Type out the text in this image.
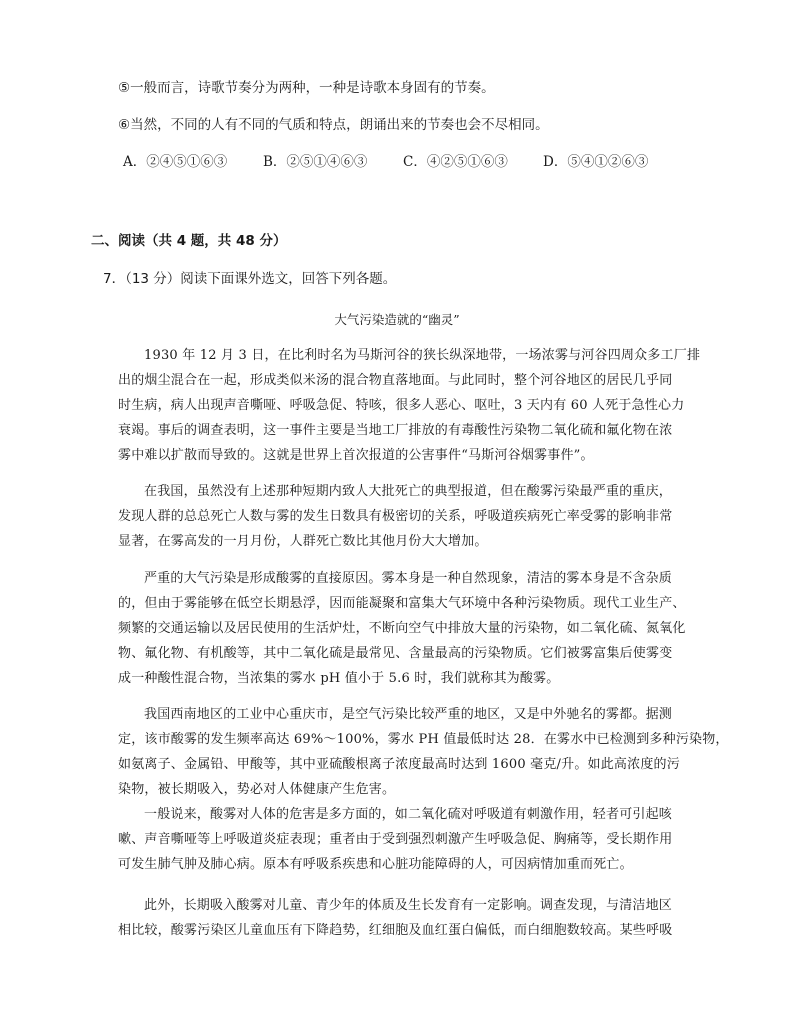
⑤一般而言，诗歌节奏分为两种，一种是诗歌本身固有的节奏。
⑥当然，不同的人有不同的气质和特点，朗诵出来的节奏也会不尽相同。
A．②④⑤①⑥③	B．②⑤①④⑥③	C．④②⑤①⑥③	D．⑤④①②⑥③
二、阅读（共 4 题，共 48 分）
7．（13 分）阅读下面课外选文，回答下列各题。
大气污染造就的“幽灵”
1930 年 12 月 3 日，在比利时名为马斯河谷的狭长纵深地带，一场浓雾与河谷四周众多工厂排
出的烟尘混合在一起，形成类似米汤的混合物直落地面。与此同时，整个河谷地区的居民几乎同
时生病，病人出现声音嘶哑、呼吸急促、特咳，很多人恶心、呕吐，3 天内有 60 人死于急性心力
衰竭。事后的调查表明，这一事件主要是当地工厂排放的有毒酸性污染物二氧化硫和氟化物在浓
雾中难以扩散而导致的。这就是世界上首次报道的公害事件“马斯河谷烟雾事件”。
在我国，虽然没有上述那种短期内致人大批死亡的典型报道，但在酸雾污染最严重的重庆，
发现人群的总总死亡人数与雾的发生日数具有极密切的关系，呼吸道疾病死亡率受雾的影响非常
显著，在雾高发的一月月份，人群死亡数比其他月份大大增加。
严重的大气污染是形成酸雾的直接原因。雾本身是一种自然现象，清洁的雾本身是不含杂质
的，但由于雾能够在低空长期悬浮，因而能凝聚和富集大气环境中各种污染物质。现代工业生产、
频繁的交通运输以及居民使用的生活炉灶，不断向空气中排放大量的污染物，如二氧化硫、氮氧化
物、氟化物、有机酸等，其中二氧化硫是最常见、含量最高的污染物质。它们被雾富集后使雾变
成一种酸性混合物，当浓集的雾水 pH 值小于 5.6 时，我们就称其为酸雾。
我国西南地区的工业中心重庆市，是空气污染比较严重的地区，又是中外驰名的雾都。据测
定，该市酸雾的发生频率高达 69%～100%，雾水 PH 值最低时达 28．在雾水中已检测到多种污染物，
如氨离子、金属铅、甲酸等，其中亚硫酸根离子浓度最高时达到 1600 毫克/升。如此高浓度的污
染物，被长期吸入，势必对人体健康产生危害。
一般说来，酸雾对人体的危害是多方面的，如二氧化硫对呼吸道有刺激作用，轻者可引起咳
嗽、声音嘶哑等上呼吸道炎症表现；重者由于受到强烈刺激产生呼吸急促、胸痛等，受长期作用
可发生肺气肿及肺心病。原本有呼吸系疾患和心脏功能障碍的人，可因病情加重而死亡。
此外，长期吸入酸雾对儿童、青少年的体质及生长发育有一定影响。调查发现，与清洁地区
相比较，酸雾污染区儿童血压有下降趋势，红细胞及血红蛋白偏低，而白细胞数较高。某些呼吸
